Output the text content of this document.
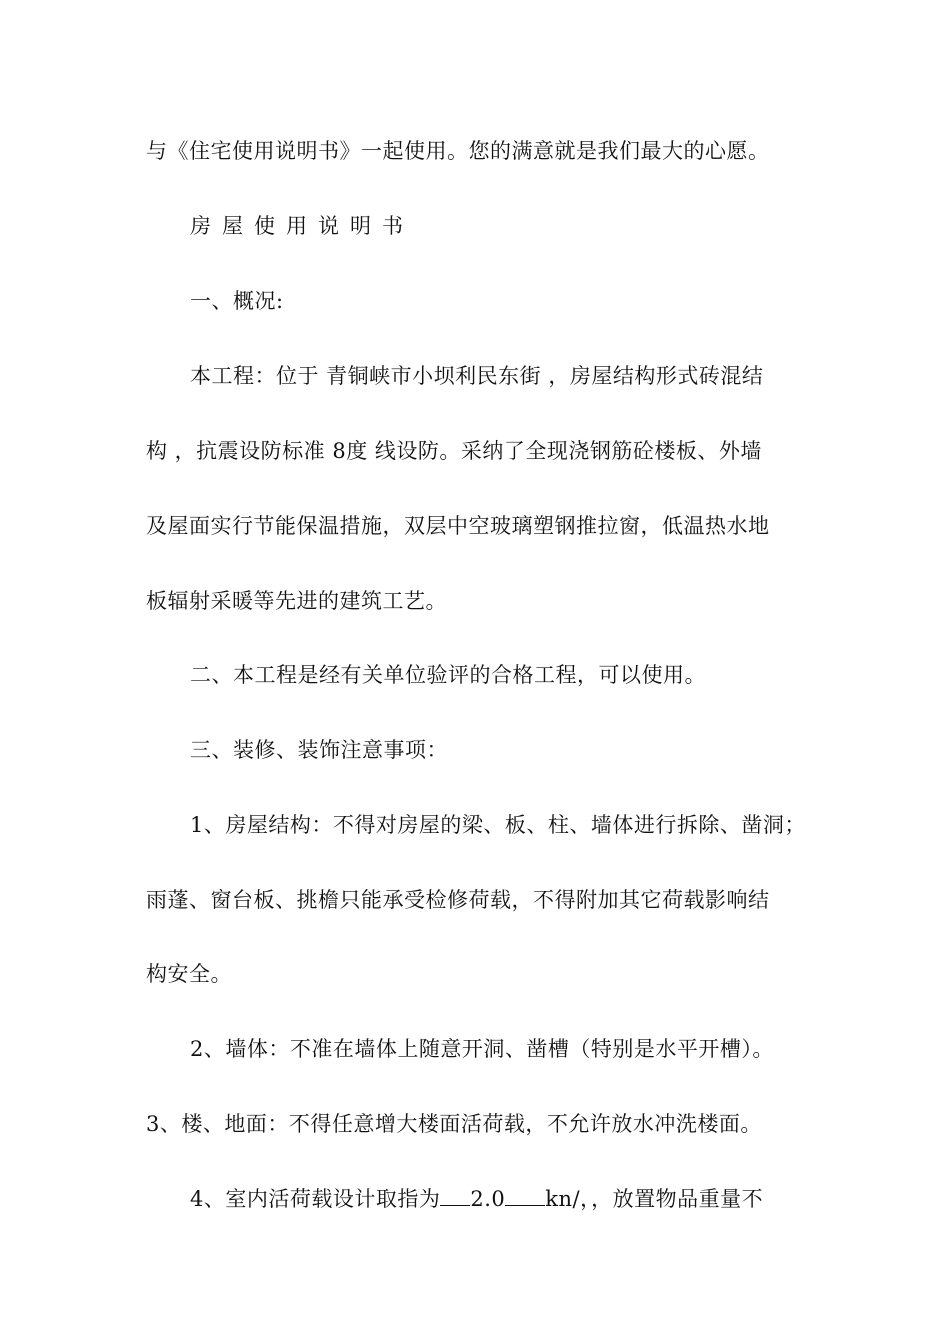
与《住宅使用说明书》一起使用。您的满意就是我们最大的心愿。
房屋使用说明书
一、概况:
本工程：位于 青铜峡市小坝利民东街 ，房屋结构形式砖混结
构 ，抗震设防标准 8度 线设防。采纳了全现浇钢筋砼楼板、外墙
及屋面实行节能保温措施，双层中空玻璃塑钢推拉窗，低温热水地
板辐射采暖等先进的建筑工艺。
二、本工程是经有关单位验评的合格工程，可以使用。
三、装修、装饰注意事项：
1、房屋结构：不得对房屋的梁、板、柱、墙体进行拆除、凿洞；
雨蓬、窗台板、挑檐只能承受检修荷载，不得附加其它荷载影响结
构安全。
2、墙体：不准在墙体上随意开洞、凿槽（特别是水平开槽）。
3、楼、地面：不得任意增大楼面活荷载，不允许放水冲洗楼面。
4、室内活荷载设计取指为 2.0 kn/，，放置物品重量不
